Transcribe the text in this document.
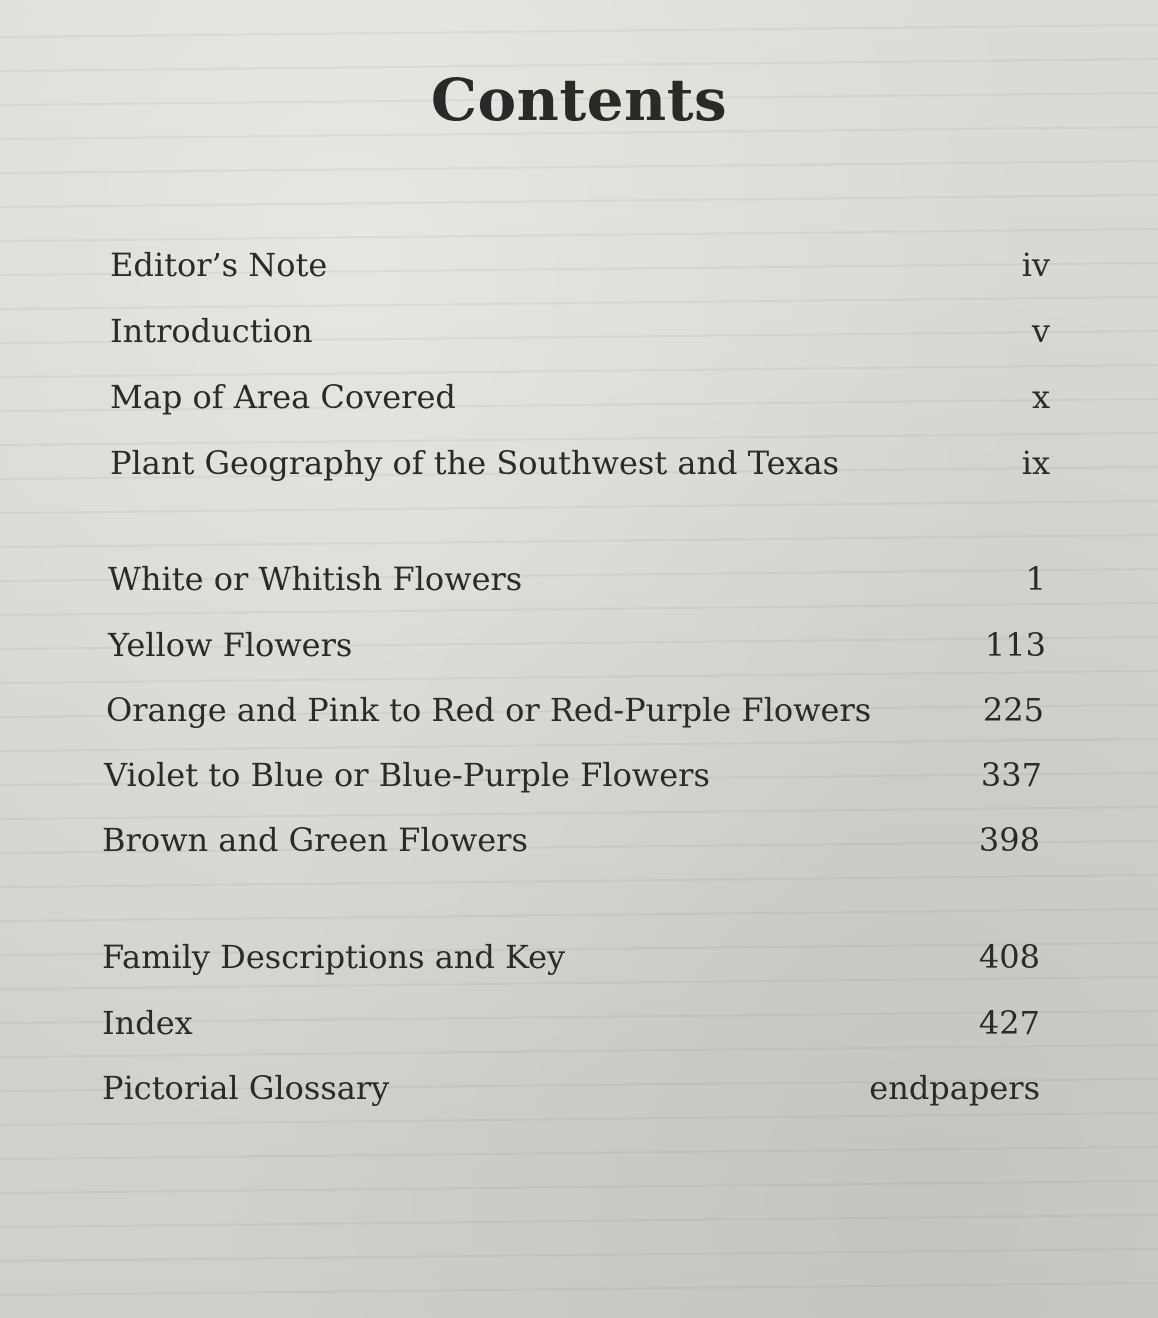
Contents
Editor’s Note	iv
Introduction	v
Map of Area Covered	x
Plant Geography of the Southwest and Texas	ix
White or Whitish Flowers	1
Yellow Flowers	113
Orange and Pink to Red or Red-Purple Flowers	225
Violet to Blue or Blue-Purple Flowers	337
Brown and Green Flowers	398
Family Descriptions and Key	408
Index	427
Pictorial Glossary	endpapers
